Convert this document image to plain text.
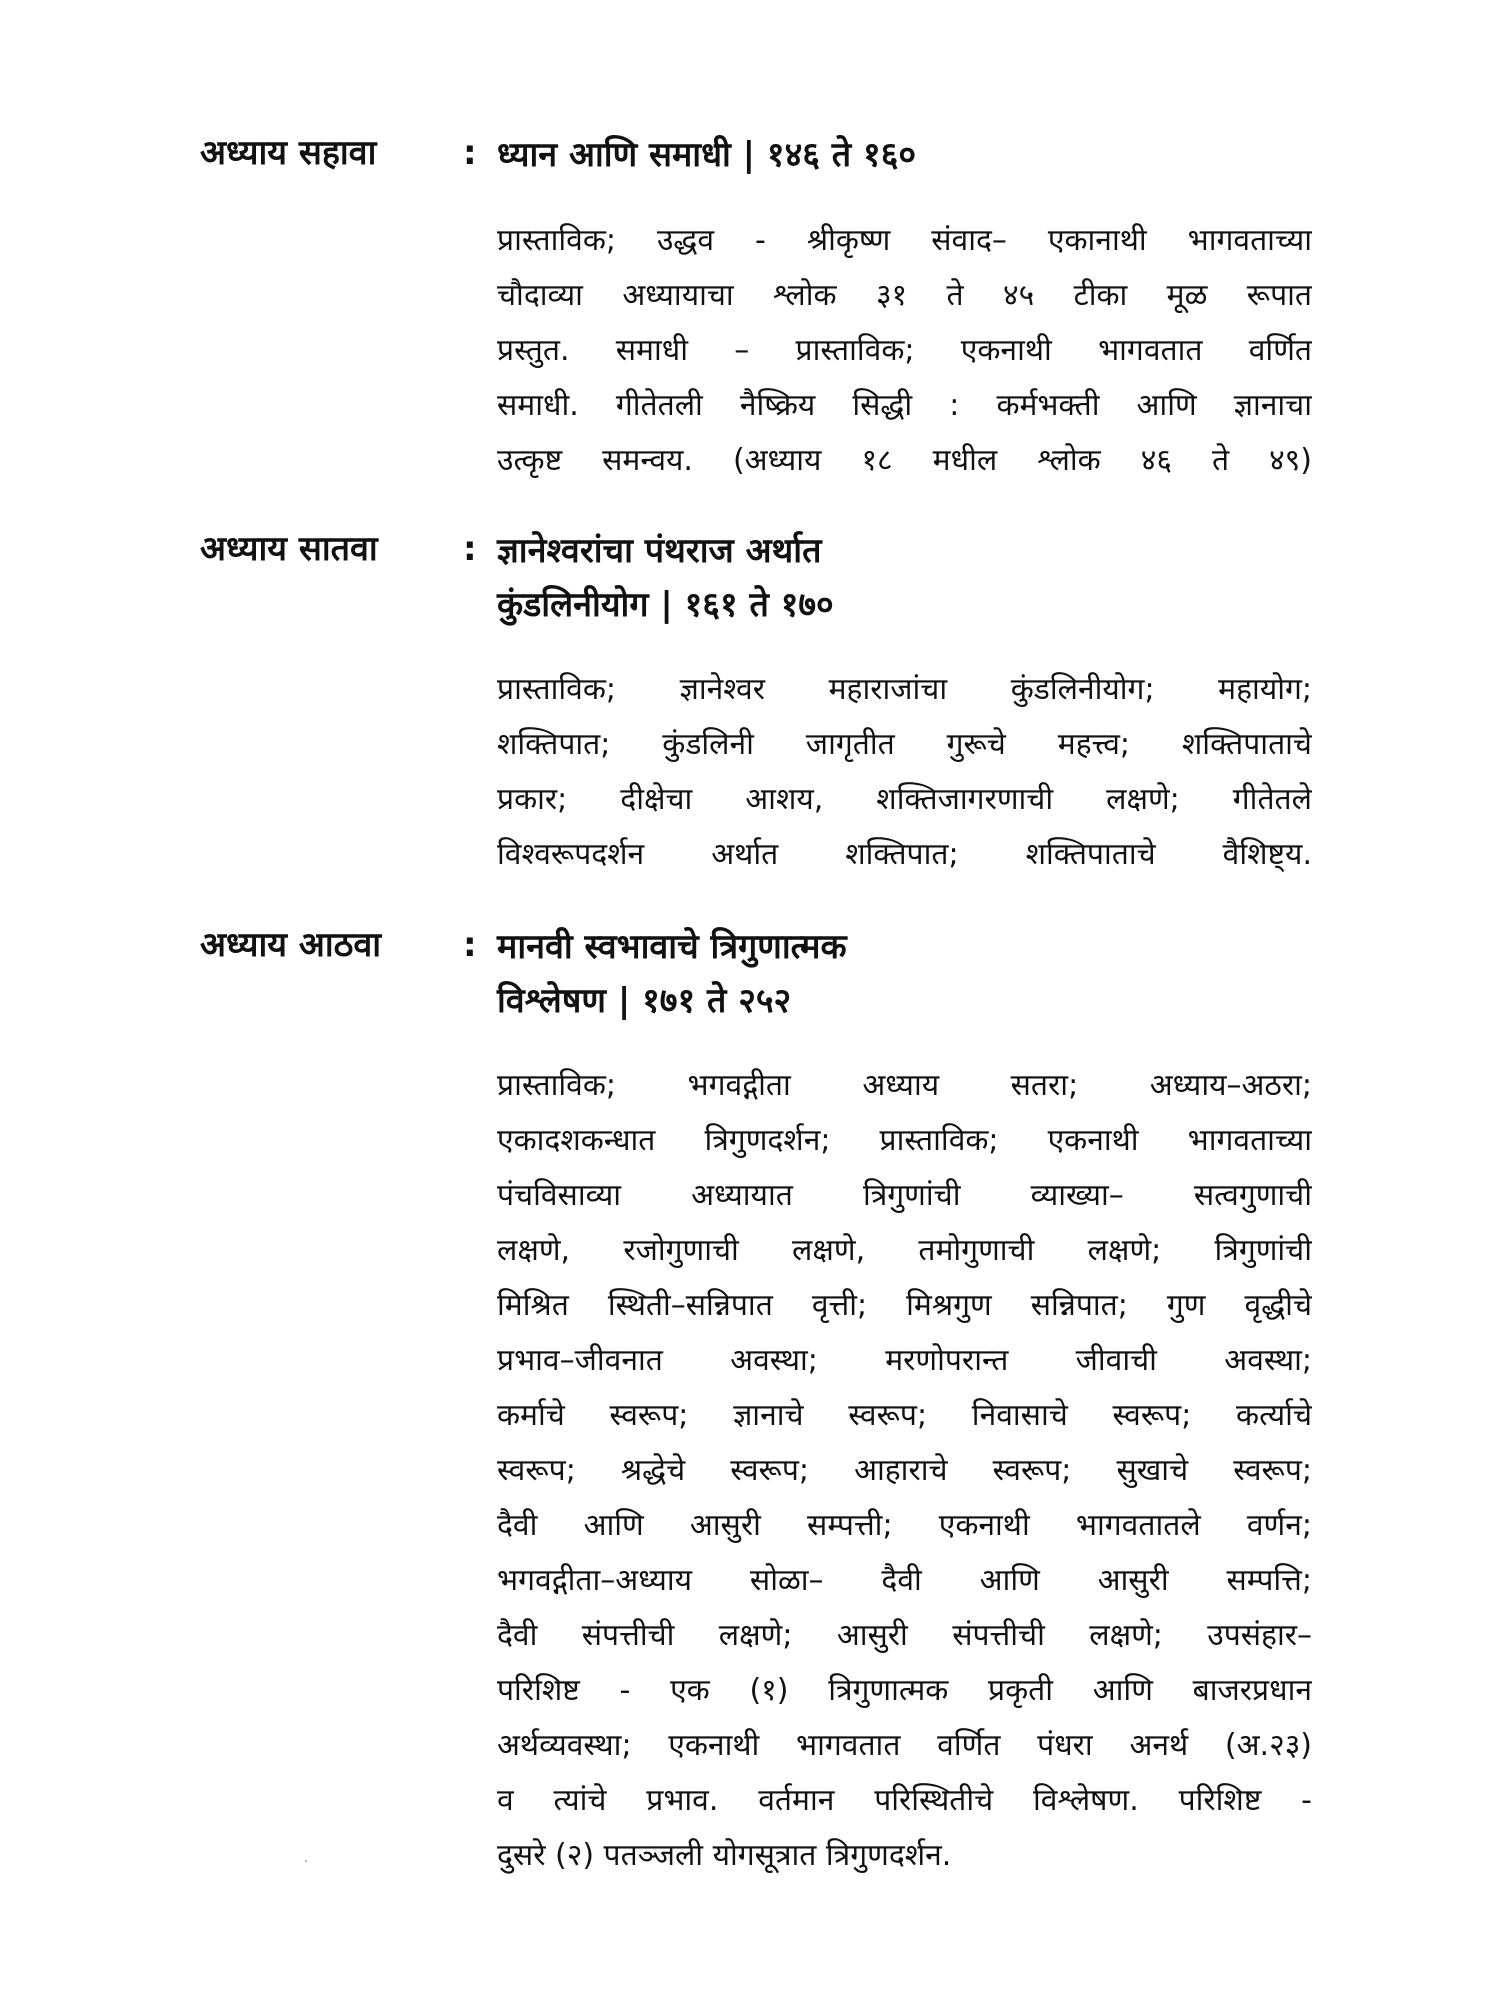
अध्याय सहावा	: ध्यान आणि समाधी | १४६ ते १६०
प्रास्ताविक; उद्धव - श्रीकृष्ण संवाद– एकानाथी भागवताच्या
चौदाव्या अध्यायाचा श्लोक ३१ ते ४५ टीका मूळ रूपात
प्रस्तुत. समाधी – प्रास्ताविक; एकनाथी भागवतात वर्णित
समाधी. गीतेतली नैष्क्रिय सिद्धी : कर्मभक्ती आणि ज्ञानाचा
उत्कृष्ट समन्वय. (अध्याय १८ मधील श्लोक ४६ ते ४९)
अध्याय सातवा	: ज्ञानेश्वरांचा पंथराज अर्थात
कुंडलिनीयोग | १६१ ते १७०
प्रास्ताविक; ज्ञानेश्वर महाराजांचा कुंडलिनीयोग; महायोग;
शक्तिपात; कुंडलिनी जागृतीत गुरूचे महत्त्व; शक्तिपाताचे
प्रकार; दीक्षेचा आशय, शक्तिजागरणाची लक्षणे; गीतेतले
विश्वरूपदर्शन अर्थात शक्तिपात; शक्तिपाताचे वैशिष्ट्य.
अध्याय आठवा	: मानवी स्वभावाचे त्रिगुणात्मक
विश्लेषण | १७१ ते २५२
प्रास्ताविक; भगवद्गीता अध्याय सतरा; अध्याय–अठरा;
एकादशकन्धात त्रिगुणदर्शन; प्रास्ताविक; एकनाथी भागवताच्या
पंचविसाव्या अध्यायात त्रिगुणांची व्याख्या– सत्वगुणाची
लक्षणे, रजोगुणाची लक्षणे, तमोगुणाची लक्षणे; त्रिगुणांची
मिश्रित स्थिती–सन्निपात वृत्ती; मिश्रगुण सन्निपात; गुण वृद्धीचे
प्रभाव–जीवनात अवस्था; मरणोपरान्त जीवाची अवस्था;
कर्माचे स्वरूप; ज्ञानाचे स्वरूप; निवासाचे स्वरूप; कर्त्याचे
स्वरूप; श्रद्धेचे स्वरूप; आहाराचे स्वरूप; सुखाचे स्वरूप;
दैवी आणि आसुरी सम्पत्ती; एकनाथी भागवतातले वर्णन;
भगवद्गीता–अध्याय सोळा– दैवी आणि आसुरी सम्पत्ति;
दैवी संपत्तीची लक्षणे; आसुरी संपत्तीची लक्षणे; उपसंहार–
परिशिष्ट - एक (१) त्रिगुणात्मक प्रकृती आणि बाजरप्रधान
अर्थव्यवस्था; एकनाथी भागवतात वर्णित पंधरा अनर्थ (अ.२३)
व त्यांचे प्रभाव. वर्तमान परिस्थितीचे विश्लेषण. परिशिष्ट -
दुसरे (२) पतञ्जली योगसूत्रात त्रिगुणदर्शन.
